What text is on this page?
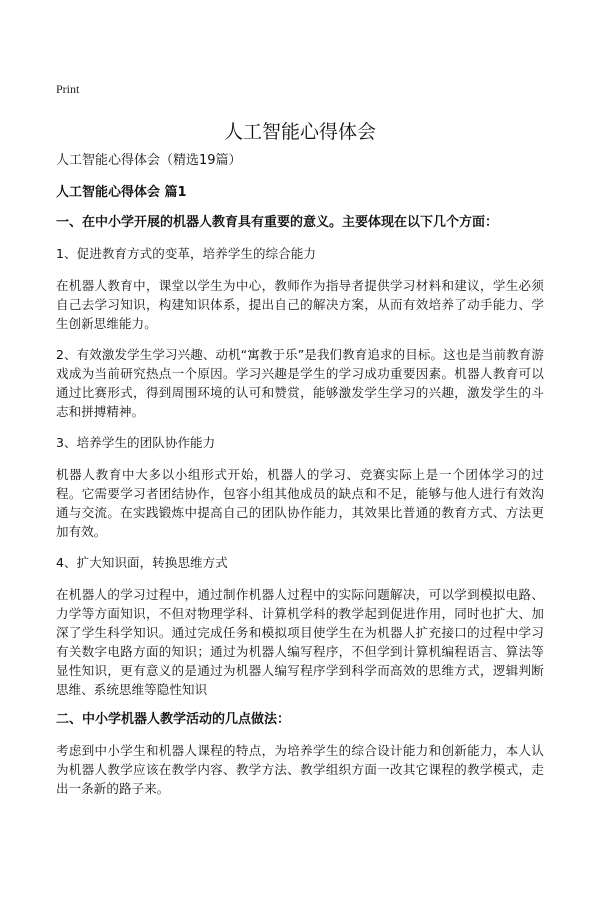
Print
人工智能心得体会

人工智能心得体会（精选19篇）

人工智能心得体会 篇1

一、在中小学开展的机器人教育具有重要的意义。主要体现在以下几个方面：

1、促进教育方式的变革，培养学生的综合能力

在机器人教育中，课堂以学生为中心，教师作为指导者提供学习材料和建议，学生必须自己去学习知识，构建知识体系，提出自己的解决方案，从而有效培养了动手能力、学生创新思维能力。

2、有效激发学生学习兴趣、动机“寓教于乐”是我们教育追求的目标。这也是当前教育游戏成为当前研究热点一个原因。学习兴趣是学生的学习成功重要因素。机器人教育可以通过比赛形式，得到周围环境的认可和赞赏，能够激发学生学习的兴趣，激发学生的斗志和拼搏精神。

3、培养学生的团队协作能力

机器人教育中大多以小组形式开始，机器人的学习、竞赛实际上是一个团体学习的过程。它需要学习者团结协作，包容小组其他成员的缺点和不足，能够与他人进行有效沟通与交流。在实践锻炼中提高自己的团队协作能力，其效果比普通的教育方式、方法更加有效。

4、扩大知识面，转换思维方式

在机器人的学习过程中，通过制作机器人过程中的实际问题解决，可以学到模拟电路、力学等方面知识，不但对物理学科、计算机学科的教学起到促进作用，同时也扩大、加深了学生科学知识。通过完成任务和模拟项目使学生在为机器人扩充接口的过程中学习有关数字电路方面的知识；通过为机器人编写程序，不但学到计算机编程语言、算法等显性知识，更有意义的是通过为机器人编写程序学到科学而高效的思维方式，逻辑判断思维、系统思维等隐性知识

二、中小学机器人教学活动的几点做法：

考虑到中小学生和机器人课程的特点，为培养学生的综合设计能力和创新能力，本人认为机器人教学应该在教学内容、教学方法、教学组织方面一改其它课程的教学模式，走出一条新的路子来。
